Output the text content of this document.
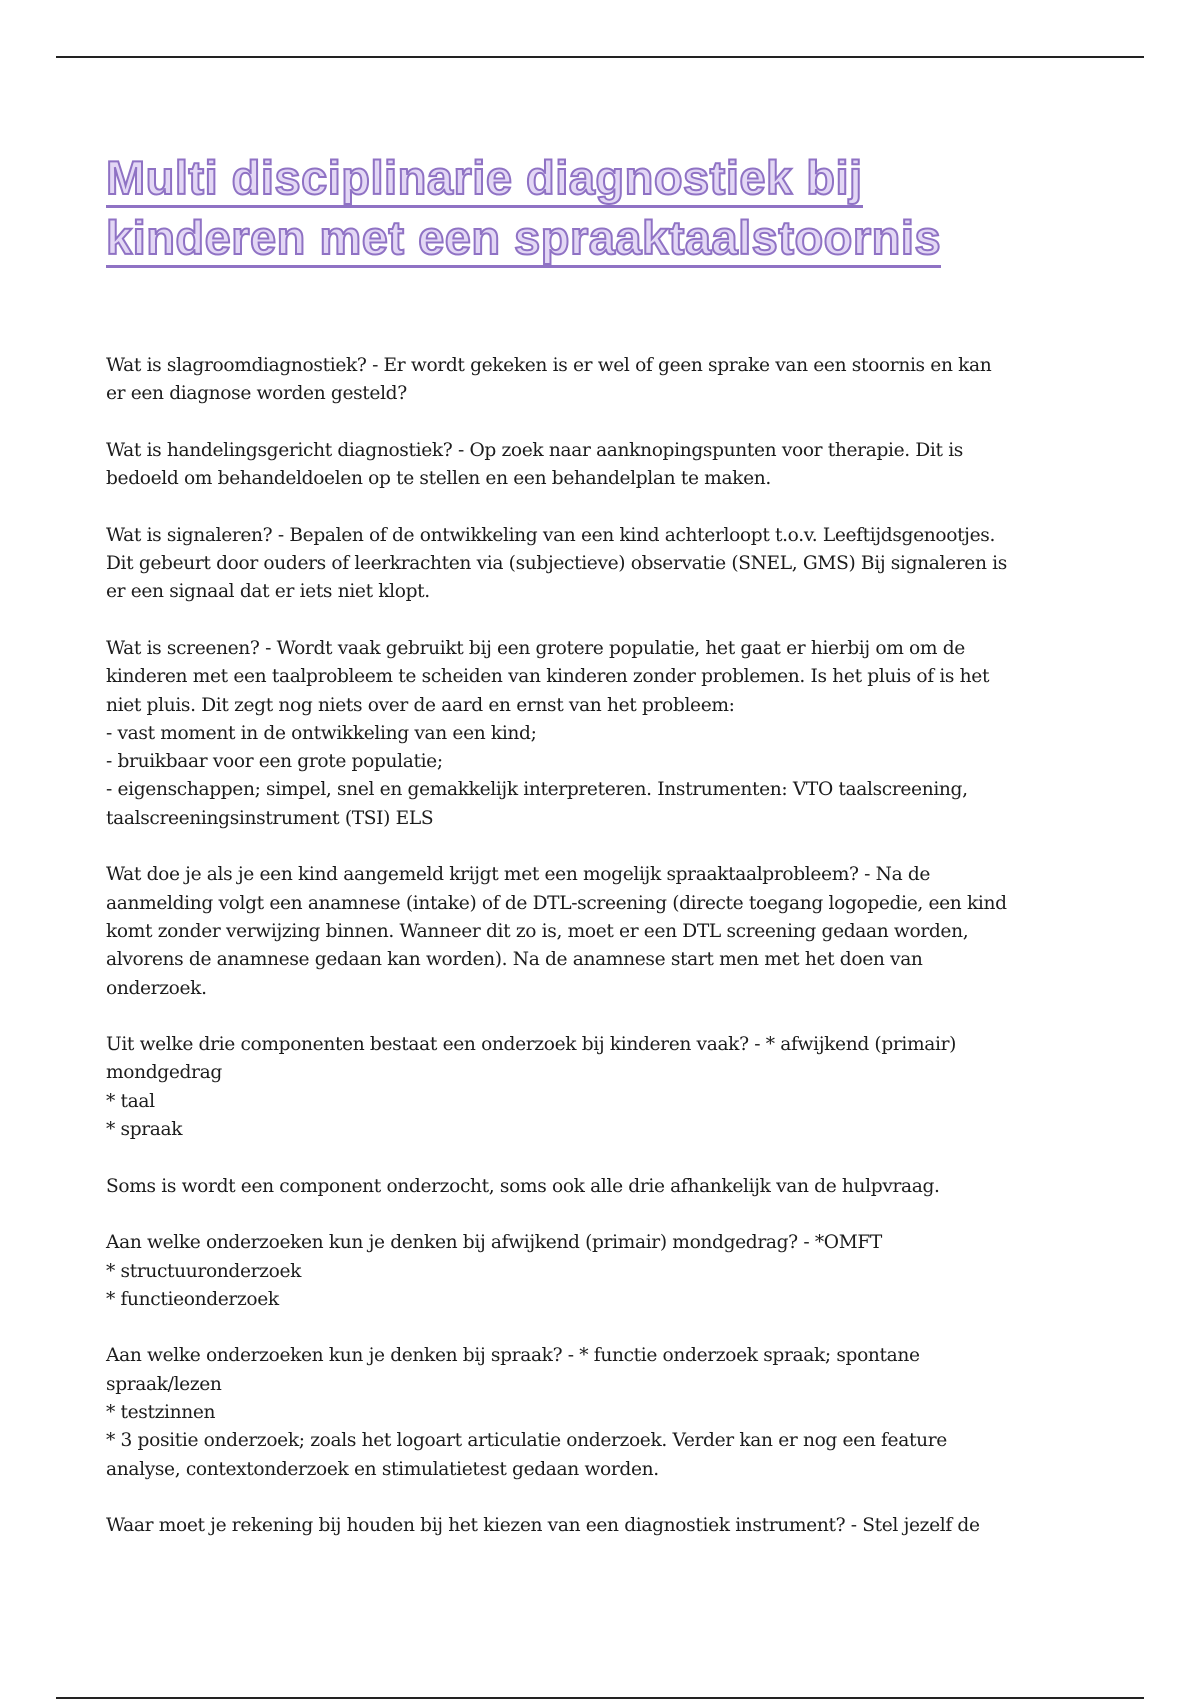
Multi disciplinarie diagnostiek bij
kinderen met een spraaktaalstoornis
Wat is slagroomdiagnostiek? - Er wordt gekeken is er wel of geen sprake van een stoornis en kan
er een diagnose worden gesteld?
Wat is handelingsgericht diagnostiek? - Op zoek naar aanknopingspunten voor therapie. Dit is
bedoeld om behandeldoelen op te stellen en een behandelplan te maken.
Wat is signaleren? - Bepalen of de ontwikkeling van een kind achterloopt t.o.v. Leeftijdsgenootjes.
Dit gebeurt door ouders of leerkrachten via (subjectieve) observatie (SNEL, GMS) Bij signaleren is
er een signaal dat er iets niet klopt.
Wat is screenen? - Wordt vaak gebruikt bij een grotere populatie, het gaat er hierbij om om de
kinderen met een taalprobleem te scheiden van kinderen zonder problemen. Is het pluis of is het
niet pluis. Dit zegt nog niets over de aard en ernst van het probleem:
- vast moment in de ontwikkeling van een kind;
- bruikbaar voor een grote populatie;
- eigenschappen; simpel, snel en gemakkelijk interpreteren. Instrumenten: VTO taalscreening,
taalscreeningsinstrument (TSI) ELS
Wat doe je als je een kind aangemeld krijgt met een mogelijk spraaktaalprobleem? - Na de
aanmelding volgt een anamnese (intake) of de DTL-screening (directe toegang logopedie, een kind
komt zonder verwijzing binnen. Wanneer dit zo is, moet er een DTL screening gedaan worden,
alvorens de anamnese gedaan kan worden). Na de anamnese start men met het doen van
onderzoek.
Uit welke drie componenten bestaat een onderzoek bij kinderen vaak? - * afwijkend (primair)
mondgedrag
* taal
* spraak
Soms is wordt een component onderzocht, soms ook alle drie afhankelijk van de hulpvraag.
Aan welke onderzoeken kun je denken bij afwijkend (primair) mondgedrag? - *OMFT
* structuuronderzoek
* functieonderzoek
Aan welke onderzoeken kun je denken bij spraak? - * functie onderzoek spraak; spontane
spraak/lezen
* testzinnen
* 3 positie onderzoek; zoals het logoart articulatie onderzoek. Verder kan er nog een feature
analyse, contextonderzoek en stimulatietest gedaan worden.
Waar moet je rekening bij houden bij het kiezen van een diagnostiek instrument? - Stel jezelf de
